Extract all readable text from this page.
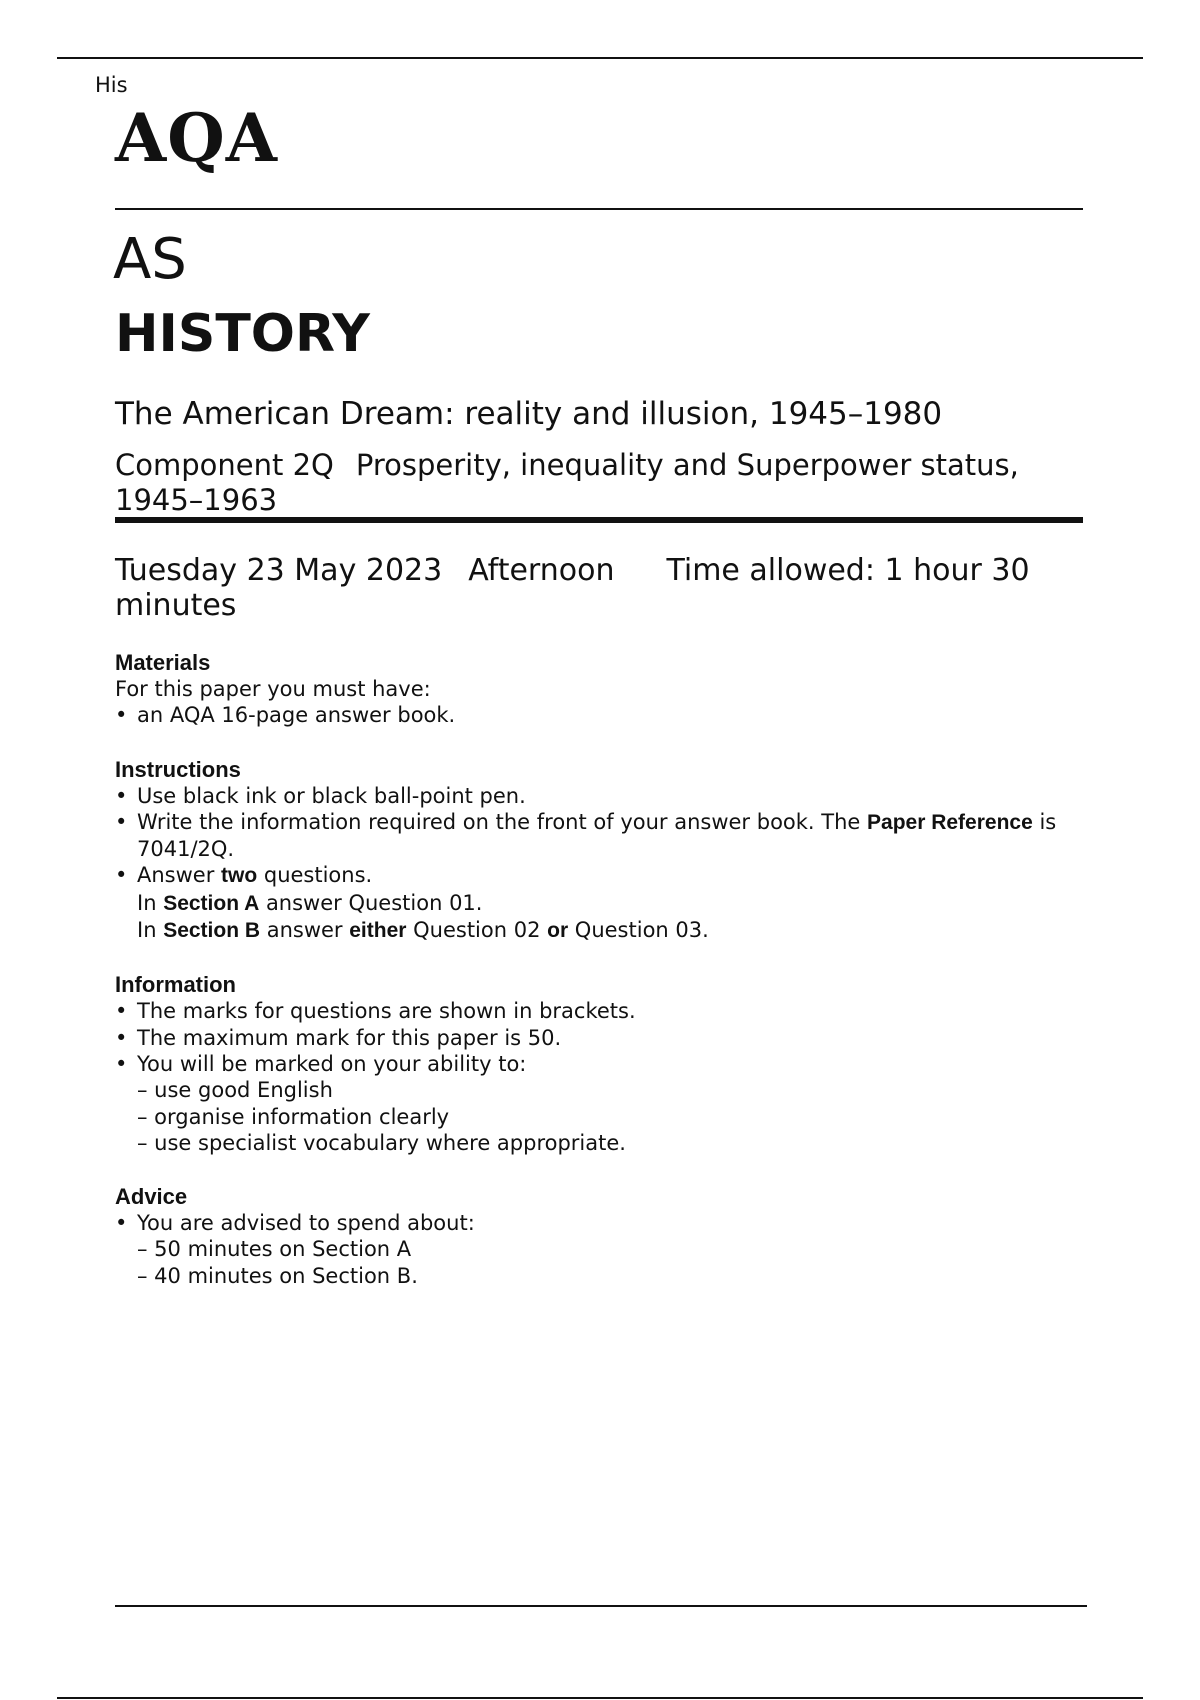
His
AQA
AS
HISTORY
The American Dream: reality and illusion, 1945–1980
Component 2Q Prosperity, inequality and Superpower status, 1945–1963
Tuesday 23 May 2023 Afternoon Time allowed: 1 hour 30 minutes
Materials
For this paper you must have:
• an AQA 16-page answer book.
Instructions
• Use black ink or black ball-point pen.
• Write the information required on the front of your answer book. The Paper Reference is 7041/2Q.
• Answer two questions.
In Section A answer Question 01.
In Section B answer either Question 02 or Question 03.
Information
• The marks for questions are shown in brackets.
• The maximum mark for this paper is 50.
• You will be marked on your ability to:
– use good English
– organise information clearly
– use specialist vocabulary where appropriate.
Advice
• You are advised to spend about:
– 50 minutes on Section A
– 40 minutes on Section B.
